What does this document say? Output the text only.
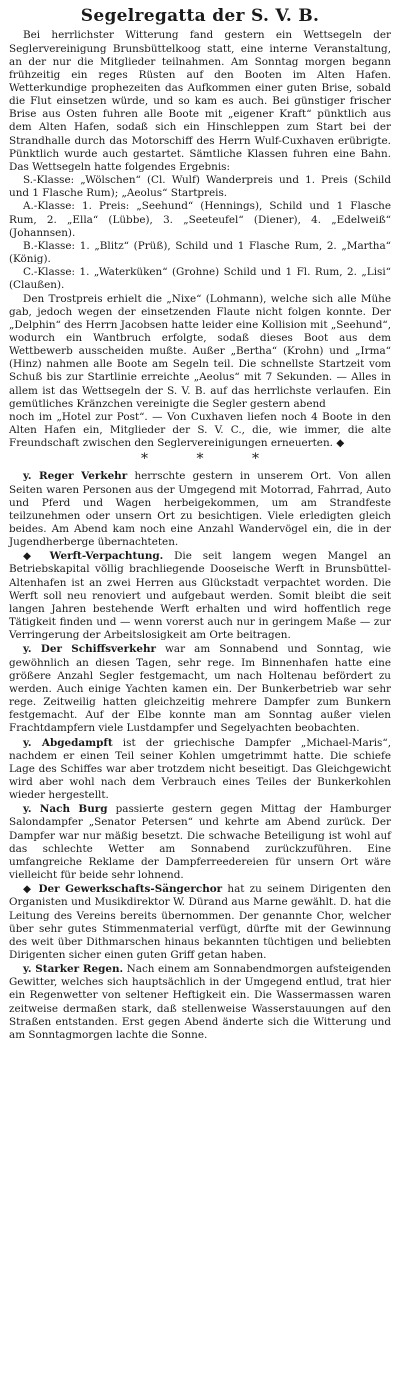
Segelregatta der S. V. B.

Bei herrlichster Witterung fand gestern ein Wettsegeln der Seglervereinigung Brunsbüttelkoog statt, eine interne Veranstaltung, an der nur die Mitglieder teilnahmen. Am Sonntag morgen begann frühzeitig ein reges Rüsten auf den Booten im Alten Hafen. Wetterkundige prophezeiten das Aufkommen einer guten Brise, sobald die Flut einsetzen würde, und so kam es auch. Bei günstiger frischer Brise aus Osten fuhren alle Boote mit „eigener Kraft“ pünktlich aus dem Alten Hafen, sodaß sich ein Hinschleppen zum Start bei der Strandhalle durch das Motorschiff des Herrn Wulf-Cuxhaven erübrigte. Pünktlich wurde auch gestartet. Sämtliche Klassen fuhren eine Bahn. Das Wettsegeln hatte folgendes Ergebnis:

S.-Klasse: „Wölschen“ (Cl. Wulf) Wanderpreis und 1. Preis (Schild und 1 Flasche Rum); „Aeolus“ Startpreis.

A.-Klasse: 1. Preis: „Seehund“ (Hennings), Schild und 1 Flasche Rum, 2. „Ella“ (Lübbe), 3. „Seeteufel“ (Diener), 4. „Edelweiß“ (Johannsen).

B.-Klasse: 1. „Blitz“ (Prüß), Schild und 1 Flasche Rum, 2. „Martha“ (König).

C.-Klasse: 1. „Waterküken“ (Grohne) Schild und 1 Fl. Rum, 2. „Lisi“ (Claußen).

Den Trostpreis erhielt die „Nixe“ (Lohmann), welche sich alle Mühe gab, jedoch wegen der einsetzenden Flaute nicht folgen konnte. Der „Delphin“ des Herrn Jacobsen hatte leider eine Kollision mit „Seehund“, wodurch ein Wantbruch erfolgte, sodaß dieses Boot aus dem Wettbewerb ausscheiden mußte. Außer „Bertha“ (Krohn) und „Irma“ (Hinz) nahmen alle Boote am Segeln teil. Die schnellste Startzeit vom Schuß bis zur Startlinie erreichte „Aeolus“ mit 7 Sekunden. — Alles in allem ist das Wettsegeln der S. V. B. auf das herrlichste verlaufen. Ein gemütliches Kränzchen vereinigte die Segler gestern abend

noch im „Hotel zur Post“. — Von Cuxhaven liefen noch 4 Boote in den Alten Hafen ein, Mitglieder der S. V. C., die, wie immer, die alte Freundschaft zwischen den Seglervereinigungen erneuerten. ◆

* * *

y. Reger Verkehr herrschte gestern in unserem Ort. Von allen Seiten waren Personen aus der Umgegend mit Motorrad, Fahrrad, Auto und Pferd und Wagen herbeigekommen, um am Strandfeste teilzunehmen oder unsern Ort zu besichtigen. Viele erledigten gleich beides. Am Abend kam noch eine Anzahl Wandervögel ein, die in der Jugendherberge übernachteten.

◆ Werft-Verpachtung. Die seit langem wegen Mangel an Betriebskapital völlig brachliegende Dooseische Werft in Brunsbüttel-Altenhafen ist an zwei Herren aus Glückstadt verpachtet worden. Die Werft soll neu renoviert und aufgebaut werden. Somit bleibt die seit langen Jahren bestehende Werft erhalten und wird hoffentlich rege Tätigkeit finden und — wenn vorerst auch nur in geringem Maße — zur Verringerung der Arbeitslosigkeit am Orte beitragen.

y. Der Schiffsverkehr war am Sonnabend und Sonntag, wie gewöhnlich an diesen Tagen, sehr rege. Im Binnenhafen hatte eine größere Anzahl Segler festgemacht, um nach Holtenau befördert zu werden. Auch einige Yachten kamen ein. Der Bunkerbetrieb war sehr rege. Zeitweilig hatten gleichzeitig mehrere Dampfer zum Bunkern festgemacht. Auf der Elbe konnte man am Sonntag außer vielen Frachtdampfern viele Lustdampfer und Segelyachten beobachten.

y. Abgedampft ist der griechische Dampfer „Michael-Maris“, nachdem er einen Teil seiner Kohlen umgetrimmt hatte. Die schiefe Lage des Schiffes war aber trotzdem nicht beseitigt. Das Gleichgewicht wird aber wohl nach dem Verbrauch eines Teiles der Bunkerkohlen wieder hergestellt.

y. Nach Burg passierte gestern gegen Mittag der Hamburger Salondampfer „Senator Petersen“ und kehrte am Abend zurück. Der Dampfer war nur mäßig besetzt. Die schwache Beteiligung ist wohl auf das schlechte Wetter am Sonnabend zurückzuführen. Eine umfangreiche Reklame der Dampferreedereien für unsern Ort wäre vielleicht für beide sehr lohnend.

◆ Der Gewerkschafts-Sängerchor hat zu seinem Dirigenten den Organisten und Musikdirektor W. Dürand aus Marne gewählt. D. hat die Leitung des Vereins bereits übernommen. Der genannte Chor, welcher über sehr gutes Stimmenmaterial verfügt, dürfte mit der Gewinnung des weit über Dithmarschen hinaus bekannten tüchtigen und beliebten Dirigenten sicher einen guten Griff getan haben.

y. Starker Regen. Nach einem am Sonnabendmorgen aufsteigenden Gewitter, welches sich hauptsächlich in der Umgegend entlud, trat hier ein Regenwetter von seltener Heftigkeit ein. Die Wassermassen waren zeitweise dermaßen stark, daß stellenweise Wasserstauungen auf den Straßen entstanden. Erst gegen Abend änderte sich die Witterung und am Sonntagmorgen lachte die Sonne.
